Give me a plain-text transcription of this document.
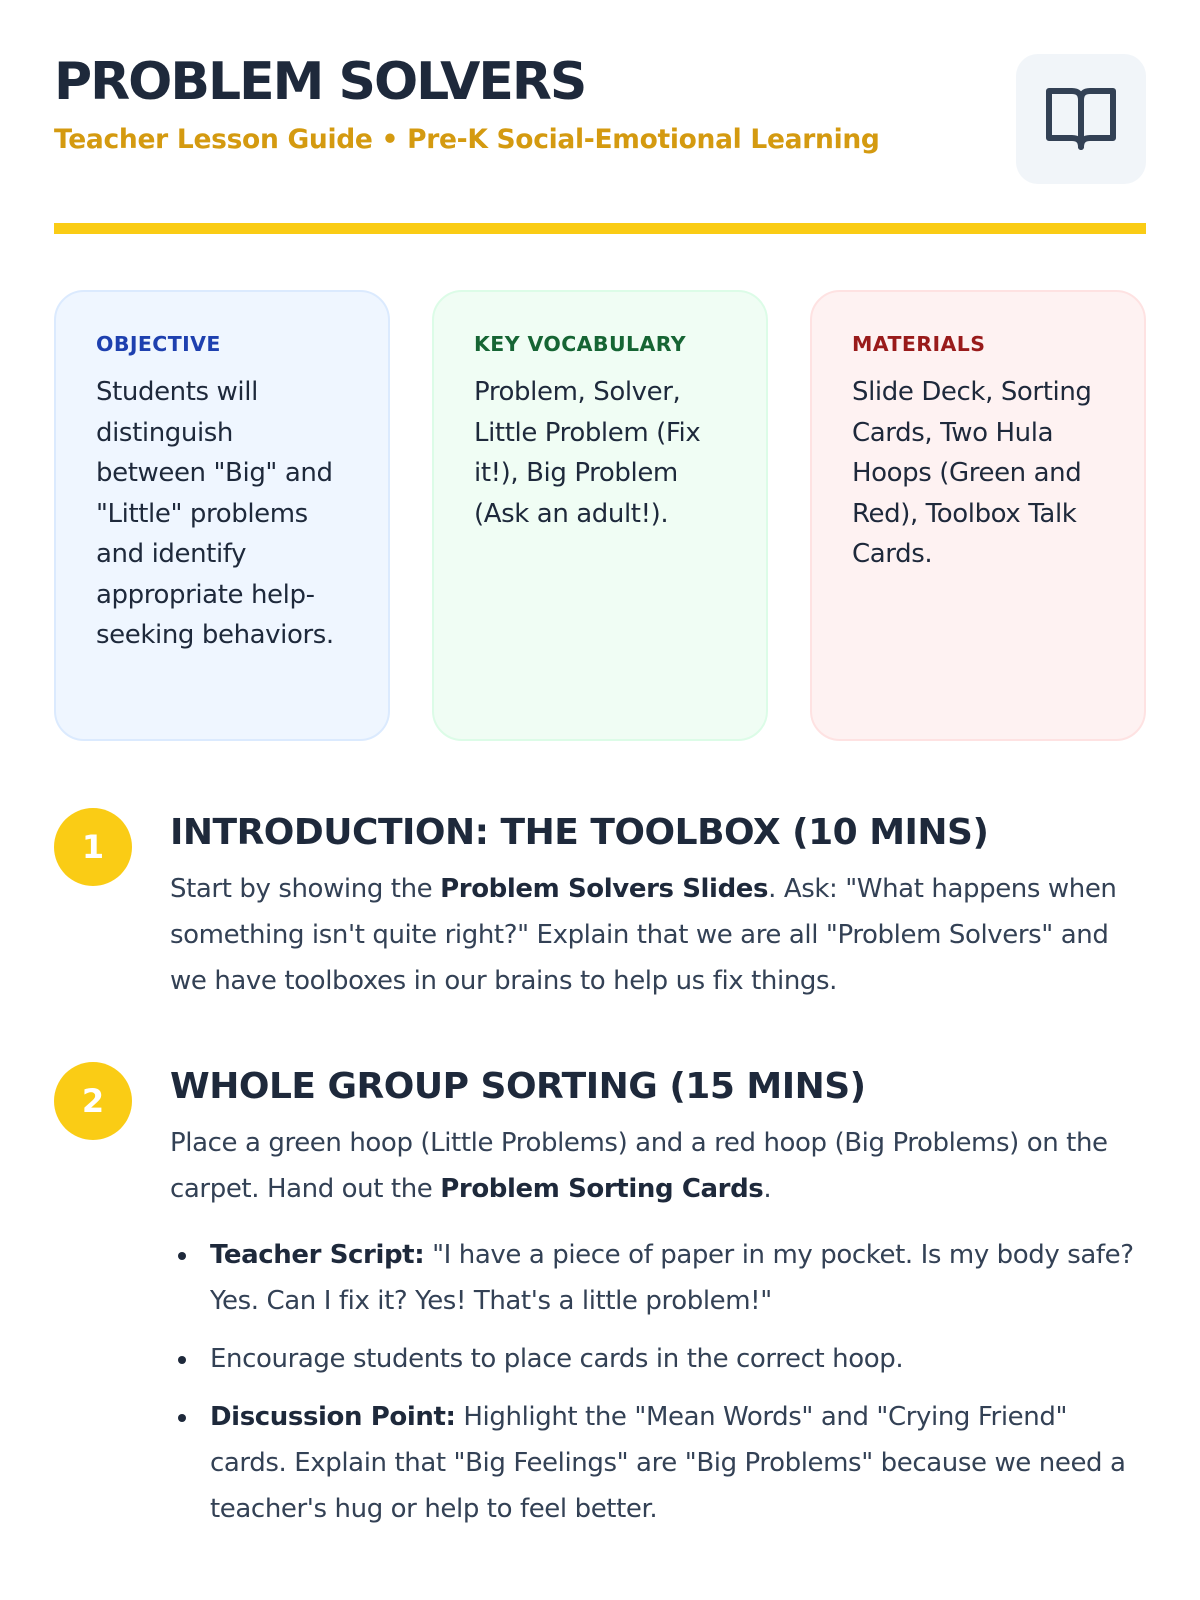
PROBLEM SOLVERS
Teacher Lesson Guide • Pre-K Social-Emotional Learning
OBJECTIVE

Students will distinguish between "Big" and "Little" problems and identify appropriate help-seeking behaviors.

KEY VOCABULARY

Problem, Solver, Little Problem (Fix it!), Big Problem (Ask an adult!).

MATERIALS

Slide Deck, Sorting Cards, Two Hula Hoops (Green and Red), Toolbox Talk Cards.

1	INTRODUCTION: THE TOOLBOX (10 MINS)

Start by showing the Problem Solvers Slides. Ask: "What happens when something isn't quite right?" Explain that we are all "Problem Solvers" and we have toolboxes in our brains to help us fix things.

2	WHOLE GROUP SORTING (15 MINS)

Place a green hoop (Little Problems) and a red hoop (Big Problems) on the carpet. Hand out the Problem Sorting Cards.

Teacher Script: "I have a piece of paper in my pocket. Is my body safe? Yes. Can I fix it? Yes! That's a little problem!"
Encourage students to place cards in the correct hoop.
Discussion Point: Highlight the "Mean Words" and "Crying Friend" cards. Explain that "Big Feelings" are "Big Problems" because we need a teacher's hug or help to feel better.
